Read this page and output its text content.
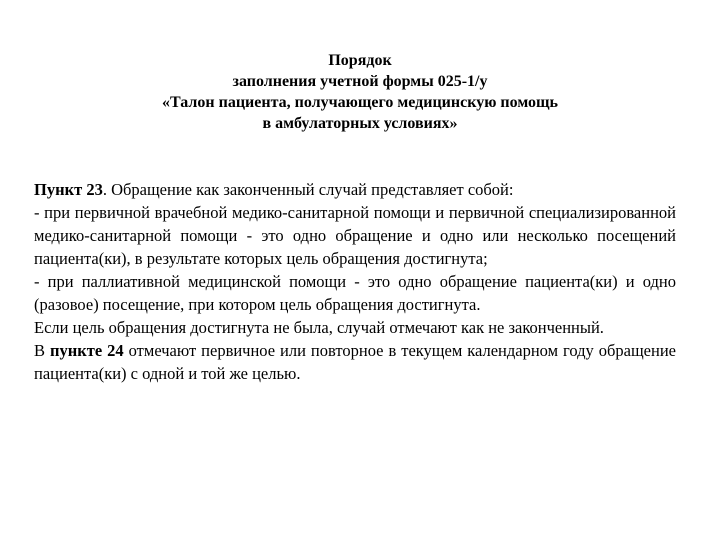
Порядок
заполнения учетной формы 025-1/у
«Талон пациента, получающего медицинскую помощь
в амбулаторных условиях»

Пункт 23. Обращение как законченный случай представляет собой:

- при первичной врачебной медико-санитарной помощи и первичной специализированной медико-санитарной помощи - это одно обращение и одно или несколько посещений пациента(ки), в результате которых цель обращения достигнута;

- при паллиативной медицинской помощи - это одно обращение пациента(ки) и одно (разовое) посещение, при котором цель обращения достигнута.

Если цель обращения достигнута не была, случай отмечают как не законченный.

В пункте 24 отмечают первичное или повторное в текущем календарном году обращение пациента(ки) с одной и той же целью.
